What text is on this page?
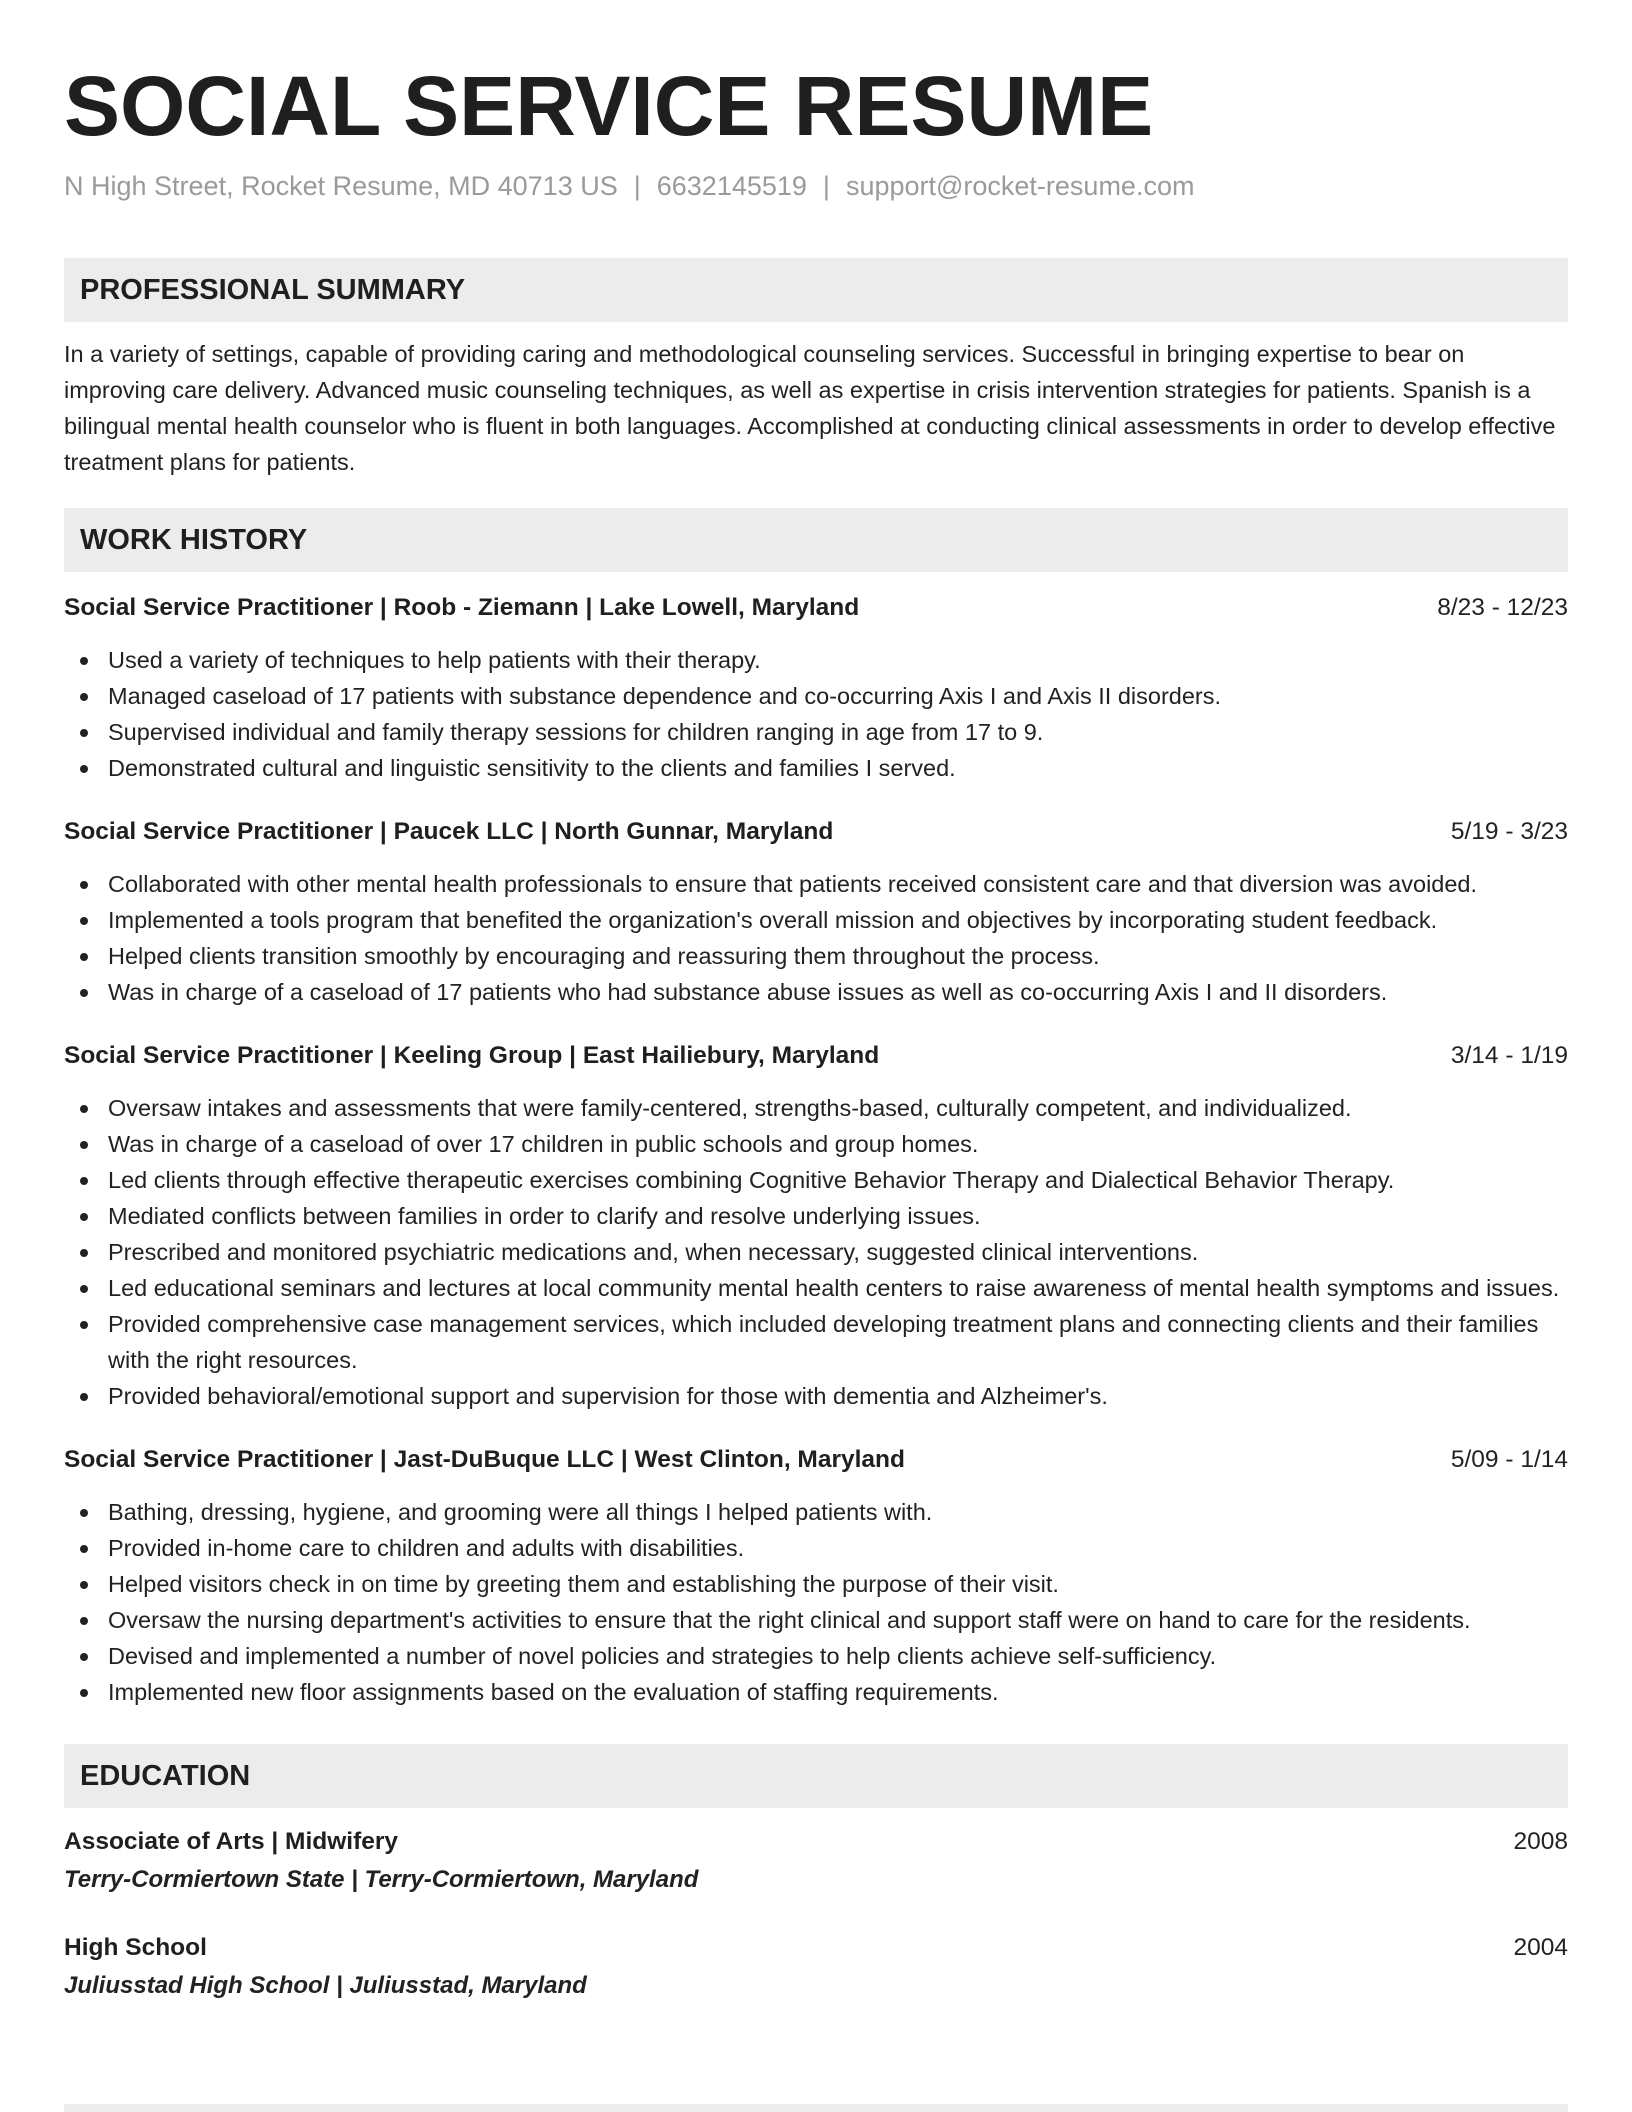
SOCIAL SERVICE RESUME
N High Street, Rocket Resume, MD 40713 US | 6632145519 | support@rocket-resume.com
PROFESSIONAL SUMMARY

In a variety of settings, capable of providing caring and methodological counseling services. Successful in bringing expertise to bear on improving care delivery. Advanced music counseling techniques, as well as expertise in crisis intervention strategies for patients. Spanish is a bilingual mental health counselor who is fluent in both languages. Accomplished at conducting clinical assessments in order to develop effective treatment plans for patients.

WORK HISTORY
Social Service Practitioner | Roob - Ziemann | Lake Lowell, Maryland	8/23 - 12/23
Used a variety of techniques to help patients with their therapy.
Managed caseload of 17 patients with substance dependence and co-occurring Axis I and Axis II disorders.
Supervised individual and family therapy sessions for children ranging in age from 17 to 9.
Demonstrated cultural and linguistic sensitivity to the clients and families I served.
Social Service Practitioner | Paucek LLC | North Gunnar, Maryland	5/19 - 3/23
Collaborated with other mental health professionals to ensure that patients received consistent care and that diversion was avoided.
Implemented a tools program that benefited the organization's overall mission and objectives by incorporating student feedback.
Helped clients transition smoothly by encouraging and reassuring them throughout the process.
Was in charge of a caseload of 17 patients who had substance abuse issues as well as co-occurring Axis I and II disorders.
Social Service Practitioner | Keeling Group | East Hailiebury, Maryland	3/14 - 1/19
Oversaw intakes and assessments that were family-centered, strengths-based, culturally competent, and individualized.
Was in charge of a caseload of over 17 children in public schools and group homes.
Led clients through effective therapeutic exercises combining Cognitive Behavior Therapy and Dialectical Behavior Therapy.
Mediated conflicts between families in order to clarify and resolve underlying issues.
Prescribed and monitored psychiatric medications and, when necessary, suggested clinical interventions.
Led educational seminars and lectures at local community mental health centers to raise awareness of mental health symptoms and issues.
Provided comprehensive case management services, which included developing treatment plans and connecting clients and their families with the right resources.
Provided behavioral/emotional support and supervision for those with dementia and Alzheimer's.
Social Service Practitioner | Jast-DuBuque LLC | West Clinton, Maryland	5/09 - 1/14
Bathing, dressing, hygiene, and grooming were all things I helped patients with.
Provided in-home care to children and adults with disabilities.
Helped visitors check in on time by greeting them and establishing the purpose of their visit.
Oversaw the nursing department's activities to ensure that the right clinical and support staff were on hand to care for the residents.
Devised and implemented a number of novel policies and strategies to help clients achieve self-sufficiency.
Implemented new floor assignments based on the evaluation of staffing requirements.
EDUCATION
Associate of Arts | Midwifery	2008
Terry-Cormiertown State | Terry-Cormiertown, Maryland
High School	2004
Juliusstad High School | Juliusstad, Maryland
